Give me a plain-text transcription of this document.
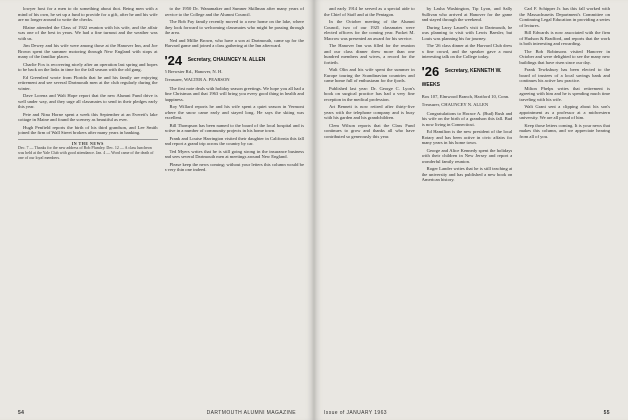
lowyer host for a men to do something about thot. Being men with a mind of his own, he set up a fund to provide for a gift, after he and his wife are no longer around to write the checks.

Blaine attended the Class of 1922 reunion with his wife, and the affair was one of the best in years. We had a fine turnout and the weather was with us.

Jim Dewey and his wife were among those at the Hanover Inn, and Joe Brown spent the summer motoring through New England with stops at many of the familiar places.

Charlie Fox is recovering nicely after an operation last spring and hopes to be back on the links in time for the fall season with the old gang.

Ed Greenleaf wrote from Florida that he and his family are enjoying retirement and see several Dartmouth men at the club regularly during the winter.

Dave Lorenz and Walt Hope report that the new Alumni Fund drive is well under way, and they urge all classmates to send in their pledges early this year.

Pete and Nina Horne spent a week this September at an Everett's lake cottage in Maine and found the scenery as beautiful as ever.

Hugh Penfield reports the birth of his third grandson, and Lee Smith joined the firm of Wall Street brokers after many years in banking.

IN THE NEWS
Dec. 7 — Thanks for the new address of Bob Plumley. Dec. 12 — A class luncheon was held at the Yale Club with good attendance. Jan. 4 — Word came of the death of one of our loyal members.

to the 1950 Dr. Wanamaker and Sumner Skillman after many years of service to the College and the Alumni Council.

The Bob Fay family recently moved to a new home on the lake, where they look forward to welcoming classmates who might be passing through the area.

Ned and Millie Brown, who have a son at Dartmouth, came up for the Harvard game and joined a class gathering at the Inn afterward.

'24 Secretary, CHAUNCEY N. ALLEN
5 Brewster Rd., Hanover, N. H.
Treasurer, WALTER A. PEARSON

The first note deals with holiday season greetings. We hope you all had a fine Christmas and that 1963 will bring you every good thing in health and happiness.

Roy Willard reports he and his wife spent a quiet season in Vermont where the snow came early and stayed long. He says the skiing was excellent.

Bill Thompson has been named to the board of the local hospital and is active in a number of community projects in his home town.

Frank and Louise Harrington visited their daughter in California this fall and report a grand trip across the country by car.

Ted Myers writes that he is still going strong in the insurance business and sees several Dartmouth men at meetings around New England.

Please keep the news coming; without your letters this column would be a very thin one indeed.

54	DARTMOUTH ALUMNI MAGAZINE

and early 1914 he served as a special aide to the Chief of Staff and at the Pentagon.

In the October meeting of the Alumni Council, two of our 1925 classmates were elected officers for the coming year. Packet M. Macrow was presented an award for his service.

The Hanover Inn was filled for the reunion and our class dinner drew more than one hundred members and wives, a record for the fortieth.

Walt Olin and his wife spent the summer in Europe touring the Scandinavian countries and came home full of enthusiasm for the fjords.

Published last year: Dr. George C. Lyon's book on surgical practice has had a very fine reception in the medical profession.

Art Bennett is now retired after thirty-five years with the telephone company and is busy with his garden and his grandchildren.

Clem Wilson reports that the Class Fund continues to grow and thanks all who have contributed so generously this year.

by Lasha Washington, Tip Lyon, and Sally Sullivan who arrived at Hanover for the game and stayed through the weekend.

During Larry Laurel's visit to Dartmouth, he was planning to visit with Lewis Baesler, but Louis was planning his far journey.

The '26 class dinner at the Harvard Club drew a fine crowd, and the speaker gave a most interesting talk on the College today.

'26 Secretary, KENNETH W. WEEKS
Box 107, Elmwood Branch, Hartford 10, Conn.
Treasurer, CHAUNCEY N. ALLEN

Congratulations to Horace A. (Bud) Rush and his wife on the birth of a grandson this fall. Bud is now living in Connecticut.

Ed Hamilton is the new president of the local Rotary and has been active in civic affairs for many years in his home town.

George and Alice Kennedy spent the holidays with their children in New Jersey and report a wonderful family reunion.

Roger Lander writes that he is still teaching at the university and has published a new book on American history.

Carl F. Schipper Jr. has this fall worked with the Massachusetts Department's Committee on Continuing Legal Education in providing a series of lectures.

Bill Edwards is now associated with the firm of Hudson & Bradford, and reports that the work is both interesting and rewarding.

The Bob Robinsons visited Hanover in October and were delighted to see the many new buildings that have risen since our day.

Frank Tewksbury has been elected to the board of trustees of a local savings bank and continues his active law practice.

Milton Phelps writes that retirement is agreeing with him and he is spending much time traveling with his wife.

Walt Grant sent a clipping about his son's appointment as a professor at a midwestern university. We are all proud of him.

Keep those letters coming. It is your news that makes this column, and we appreciate hearing from all of you.

Issue of JANUARY 1963	55
